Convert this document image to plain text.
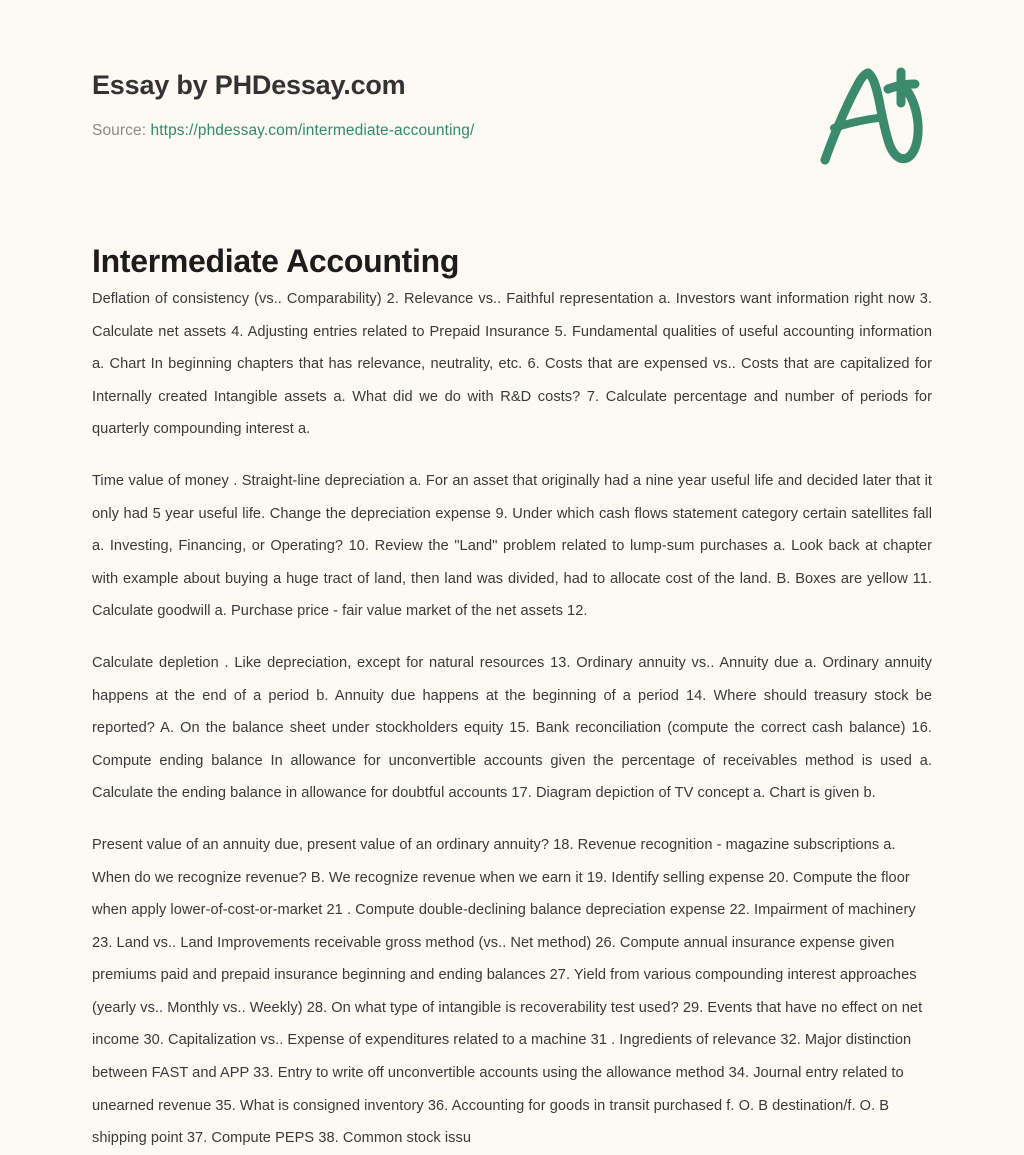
Essay by PHDessay.com
Source: https://phdessay.com/intermediate-accounting/
Intermediate Accounting

Deflation of consistency (vs.. Comparability) 2. Relevance vs.. Faithful representation a. Investors want information right now 3. Calculate net assets 4. Adjusting entries related to Prepaid Insurance 5. Fundamental qualities of useful accounting information a. Chart In beginning chapters that has relevance, neutrality, etc. 6. Costs that are expensed vs.. Costs that are capitalized for Internally created Intangible assets a. What did we do with R&D costs? 7. Calculate percentage and number of periods for quarterly compounding interest a.

Time value of money . Straight-line depreciation a. For an asset that originally had a nine year useful life and decided later that it only had 5 year useful life. Change the depreciation expense 9. Under which cash flows statement category certain satellites fall a. Investing, Financing, or Operating? 10. Review the "Land" problem related to lump-sum purchases a. Look back at chapter with example about buying a huge tract of land, then land was divided, had to allocate cost of the land. B. Boxes are yellow 11. Calculate goodwill a. Purchase price - fair value market of the net assets 12.

Calculate depletion . Like depreciation, except for natural resources 13. Ordinary annuity vs.. Annuity due a. Ordinary annuity happens at the end of a period b. Annuity due happens at the beginning of a period 14. Where should treasury stock be reported? A. On the balance sheet under stockholders equity 15. Bank reconciliation (compute the correct cash balance) 16. Compute ending balance In allowance for unconvertible accounts given the percentage of receivables method is used a. Calculate the ending balance in allowance for doubtful accounts 17. Diagram depiction of TV concept a. Chart is given b.

Present value of an annuity due, present value of an ordinary annuity? 18. Revenue recognition - magazine subscriptions a. When do we recognize revenue? B. We recognize revenue when we earn it 19. Identify selling expense 20. Compute the floor when apply lower-of-cost-or-market 21 . Compute double-declining balance depreciation expense 22. Impairment of machinery 23. Land vs.. Land Improvements receivable gross method (vs.. Net method) 26. Compute annual insurance expense given premiums paid and prepaid insurance beginning and ending balances 27. Yield from various compounding interest approaches (yearly vs.. Monthly vs.. Weekly) 28. On what type of intangible is recoverability test used? 29. Events that have no effect on net income 30. Capitalization vs.. Expense of expenditures related to a machine 31 . Ingredients of relevance 32. Major distinction between FAST and APP 33. Entry to write off unconvertible accounts using the allowance method 34. Journal entry related to unearned revenue 35. What is consigned inventory 36. Accounting for goods in transit purchased f. O. B destination/f. O. B shipping point 37. Compute PEPS 38. Common stock issu
